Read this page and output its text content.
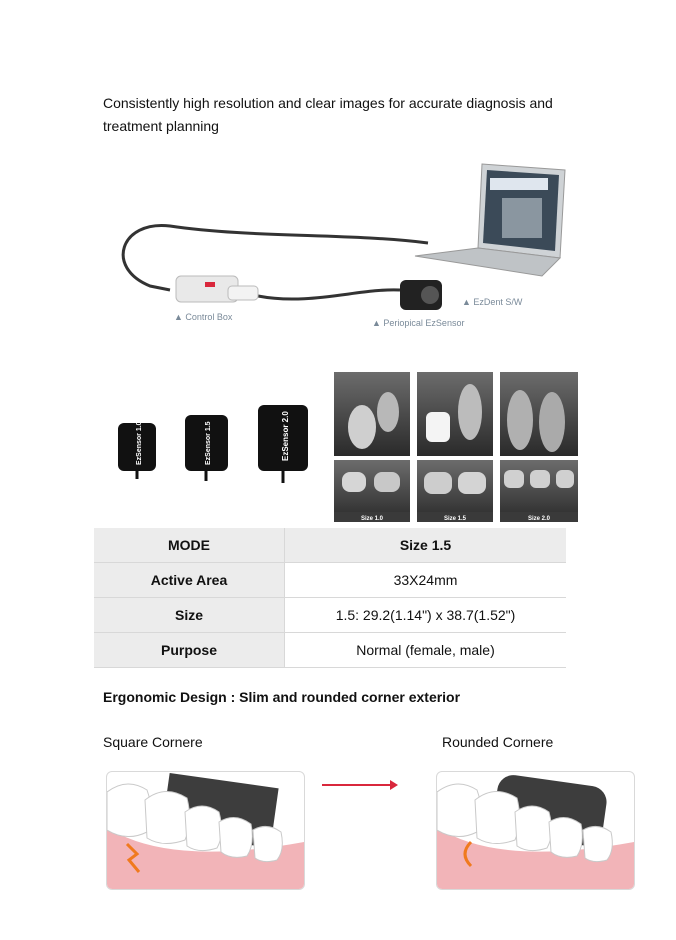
Consistently high resolution and clear images for accurate diagnosis and
treatment planning

▲ Control Box
▲ Periopical EzSensor
▲ EzDent S/W
EzSensor 1.0	EzSensor 1.5	EzSensor 2.0
Size 1.0	Size 1.5	Size 2.0
MODE	Size 1.5
Active Area	33X24mm
Size	1.5: 29.2(1.14") x 38.7(1.52")
Purpose	Normal (female, male)

Ergonomic Design : Slim and rounded corner exterior

Square Cornere	Rounded Cornere
